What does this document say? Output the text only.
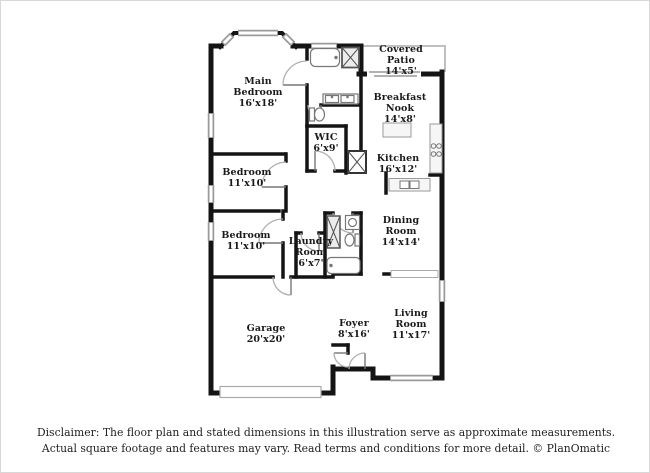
Main Bedroom
16'x18'
Covered Patio
14'x5'
Breakfast Nook
14'x8'
WIC
6'x9'
Kitchen
16'x12'
Bedroom
11'x10'
Bedroom
11'x10'	Laundry Room
6'x7'
Dining Room
14'x14'
Garage
20'x20'
Foyer
8'x16'
Living Room
11'x17'
Disclaimer: The floor plan and stated dimensions in this illustration serve as approximate measurements.
Actual square footage and features may vary. Read terms and conditions for more detail. © PlanOmatic
